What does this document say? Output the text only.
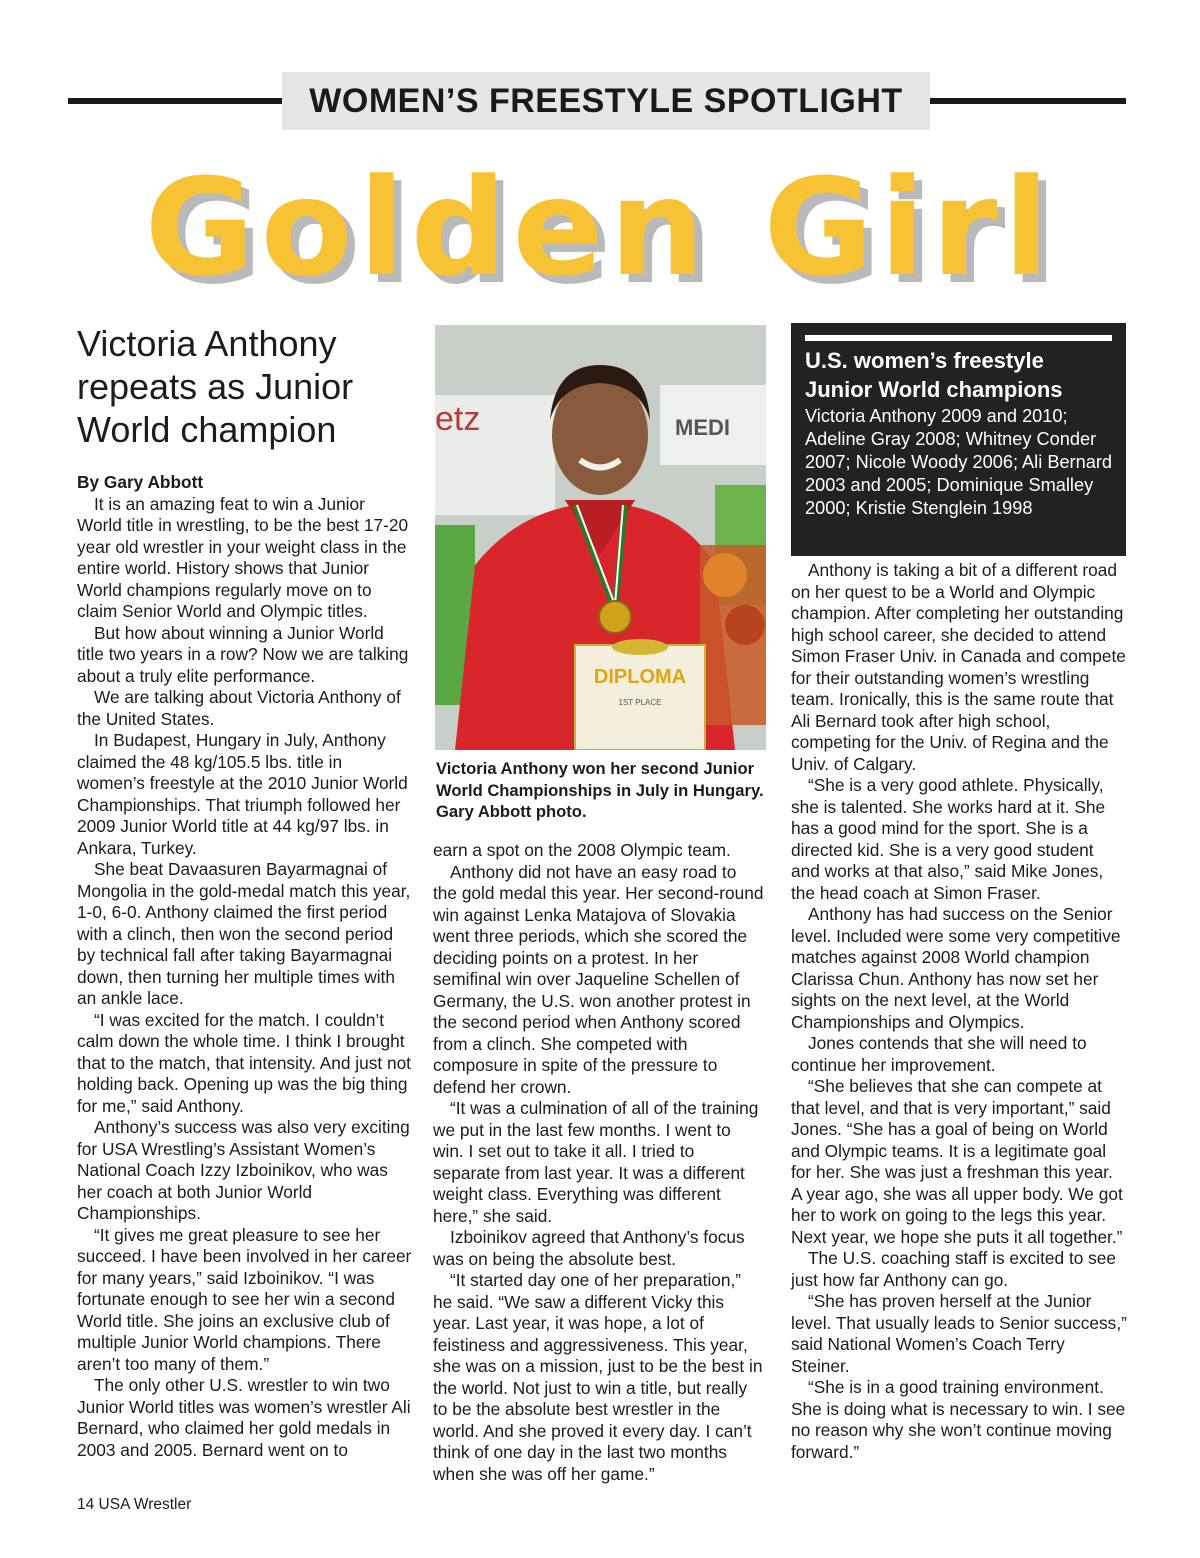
WOMEN’S FREESTYLE SPOTLIGHT
Golden Girl
Victoria Anthony repeats as Junior World champion

By Gary Abbott

It is an amazing feat to win a Junior World title in wrestling, to be the best 17-20 year old wrestler in your weight class in the entire world. History shows that Junior World champions regularly move on to claim Senior World and Olympic titles.

But how about winning a Junior World title two years in a row? Now we are talking about a truly elite performance.

We are talking about Victoria Anthony of the United States.

In Budapest, Hungary in July, Anthony claimed the 48 kg/105.5 lbs. title in women’s freestyle at the 2010 Junior World Championships. That triumph followed her 2009 Junior World title at 44 kg/97 lbs. in Ankara, Turkey.

She beat Davaasuren Bayarmagnai of Mongolia in the gold-medal match this year, 1-0, 6-0. Anthony claimed the first period with a clinch, then won the second period by technical fall after taking Bayarmagnai down, then turning her multiple times with an ankle lace.

“I was excited for the match. I couldn’t calm down the whole time. I think I brought that to the match, that intensity. And just not holding back. Opening up was the big thing for me,” said Anthony.

Anthony’s success was also very exciting for USA Wrestling’s Assistant Women’s National Coach Izzy Izboinikov, who was her coach at both Junior World Championships.

“It gives me great pleasure to see her succeed. I have been involved in her career for many years,” said Izboinikov. “I was fortunate enough to see her win a second World title. She joins an exclusive club of multiple Junior World champions. There aren’t too many of them.”

The only other U.S. wrestler to win two Junior World titles was women’s wrestler Ali Bernard, who claimed her gold medals in 2003 and 2005. Bernard went on to

etz	MEDI
DIPLOMA
1ST PLACE
Victoria Anthony won her second Junior World Championships in July in Hungary. Gary Abbott photo.

earn a spot on the 2008 Olympic team.

Anthony did not have an easy road to the gold medal this year. Her second-round win against Lenka Matajova of Slovakia went three periods, which she scored the deciding points on a protest. In her semifinal win over Jaqueline Schellen of Germany, the U.S. won another protest in the second period when Anthony scored from a clinch. She competed with composure in spite of the pressure to defend her crown.

“It was a culmination of all of the training we put in the last few months. I went to win. I set out to take it all. I tried to separate from last year. It was a different weight class. Everything was different here,” she said.

Izboinikov agreed that Anthony’s focus was on being the absolute best.

“It started day one of her preparation,” he said. “We saw a different Vicky this year. Last year, it was hope, a lot of feistiness and aggressiveness. This year, she was on a mission, just to be the best in the world. Not just to win a title, but really to be the absolute best wrestler in the world. And she proved it every day. I can’t think of one day in the last two months when she was off her game.”

U.S. women’s freestyle Junior World champions
Victoria Anthony 2009 and 2010; Adeline Gray 2008; Whitney Conder 2007; Nicole Woody 2006; Ali Bernard 2003 and 2005; Dominique Smalley 2000; Kristie Stenglein 1998

Anthony is taking a bit of a different road on her quest to be a World and Olympic champion. After completing her outstanding high school career, she decided to attend Simon Fraser Univ. in Canada and compete for their outstanding women’s wrestling team. Ironically, this is the same route that Ali Bernard took after high school, competing for the Univ. of Regina and the Univ. of Calgary.

“She is a very good athlete. Physically, she is talented. She works hard at it. She has a good mind for the sport. She is a directed kid. She is a very good student and works at that also,” said Mike Jones, the head coach at Simon Fraser.

Anthony has had success on the Senior level. Included were some very competitive matches against 2008 World champion Clarissa Chun. Anthony has now set her sights on the next level, at the World Championships and Olympics.

Jones contends that she will need to continue her improvement.

“She believes that she can compete at that level, and that is very important,” said Jones. “She has a goal of being on World and Olympic teams. It is a legitimate goal for her. She was just a freshman this year. A year ago, she was all upper body. We got her to work on going to the legs this year. Next year, we hope she puts it all together.”

The U.S. coaching staff is excited to see just how far Anthony can go.

“She has proven herself at the Junior level. That usually leads to Senior success,” said National Women’s Coach Terry Steiner.

“She is in a good training environment. She is doing what is necessary to win. I see no reason why she won’t continue moving forward.”

14 USA Wrestler
